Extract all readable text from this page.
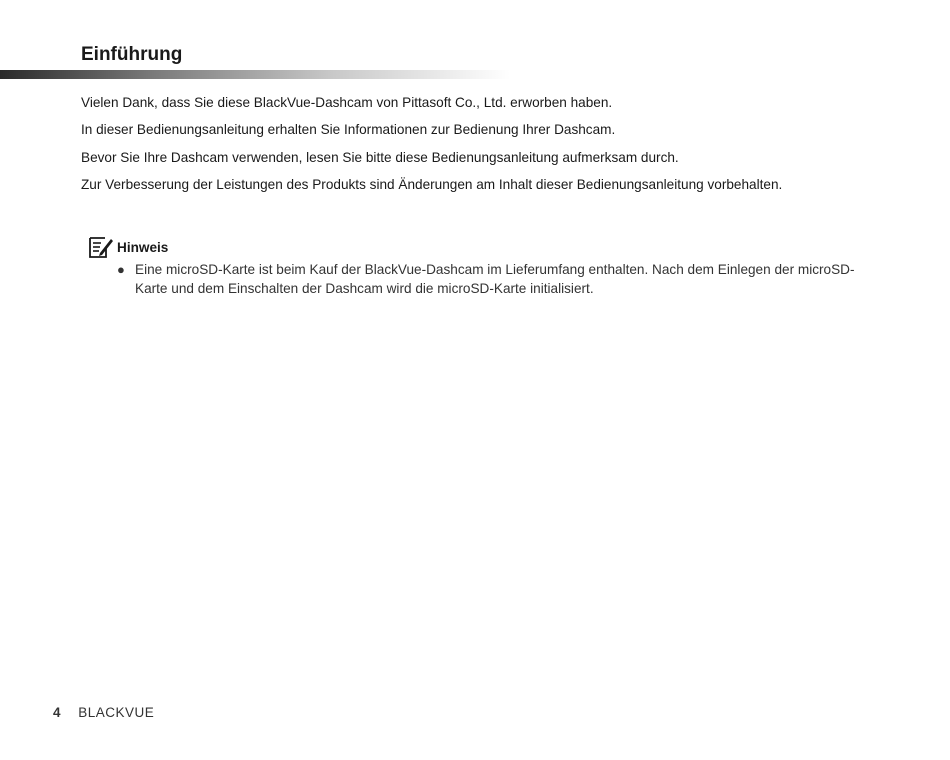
Einführung

Vielen Dank, dass Sie diese BlackVue-Dashcam von Pittasoft Co., Ltd. erworben haben.

In dieser Bedienungsanleitung erhalten Sie Informationen zur Bedienung Ihrer Dashcam.

Bevor Sie Ihre Dashcam verwenden, lesen Sie bitte diese Bedienungsanleitung aufmerksam durch.

Zur Verbesserung der Leistungen des Produkts sind Änderungen am Inhalt dieser Bedienungsanleitung vorbehalten.

Hinweis
● Eine microSD-Karte ist beim Kauf der BlackVue-Dashcam im Lieferumfang enthalten. Nach dem Einlegen der microSD-Karte und dem Einschalten der Dashcam wird die microSD-Karte initialisiert.
4 BLACKVUE
